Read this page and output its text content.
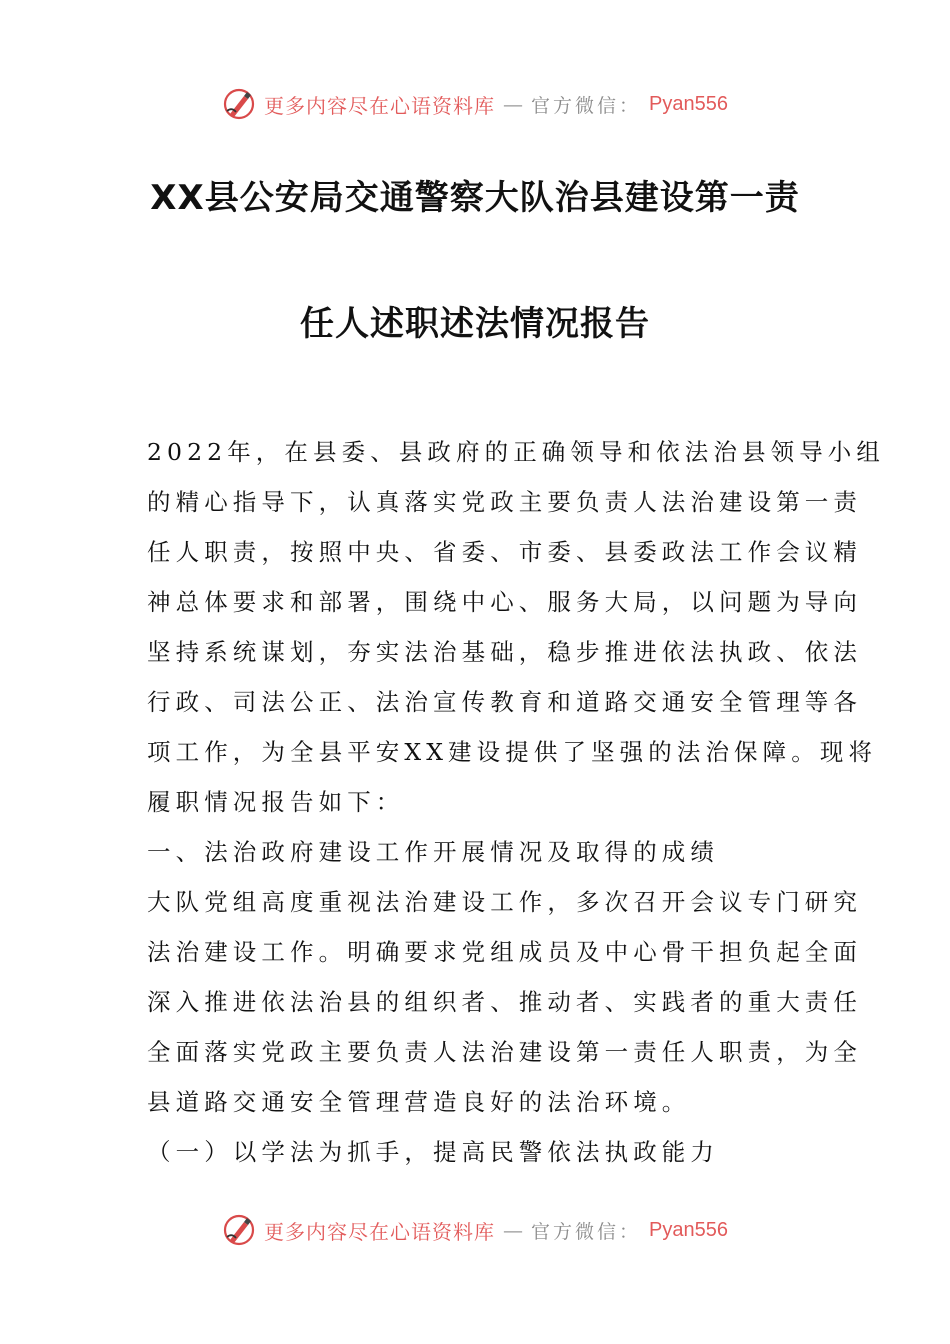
更多内容尽在心语资料库 — 官方微信： Pyan556
XX县公安局交通警察大队治县建设第一责
任人述职述法情况报告
2022年，在县委、县政府的正确领导和依法治县领导小组
的精心指导下，认真落实党政主要负责人法治建设第一责
任人职责，按照中央、省委、市委、县委政法工作会议精
神总体要求和部署，围绕中心、服务大局，以问题为导向
坚持系统谋划，夯实法治基础，稳步推进依法执政、依法
行政、司法公正、法治宣传教育和道路交通安全管理等各
项工作，为全县平安XX建设提供了坚强的法治保障。现将
履职情况报告如下：
一、法治政府建设工作开展情况及取得的成绩
大队党组高度重视法治建设工作，多次召开会议专门研究
法治建设工作。明确要求党组成员及中心骨干担负起全面
深入推进依法治县的组织者、推动者、实践者的重大责任
全面落实党政主要负责人法治建设第一责任人职责，为全
县道路交通安全管理营造良好的法治环境。
（一）以学法为抓手，提高民警依法执政能力
更多内容尽在心语资料库 — 官方微信： Pyan556
